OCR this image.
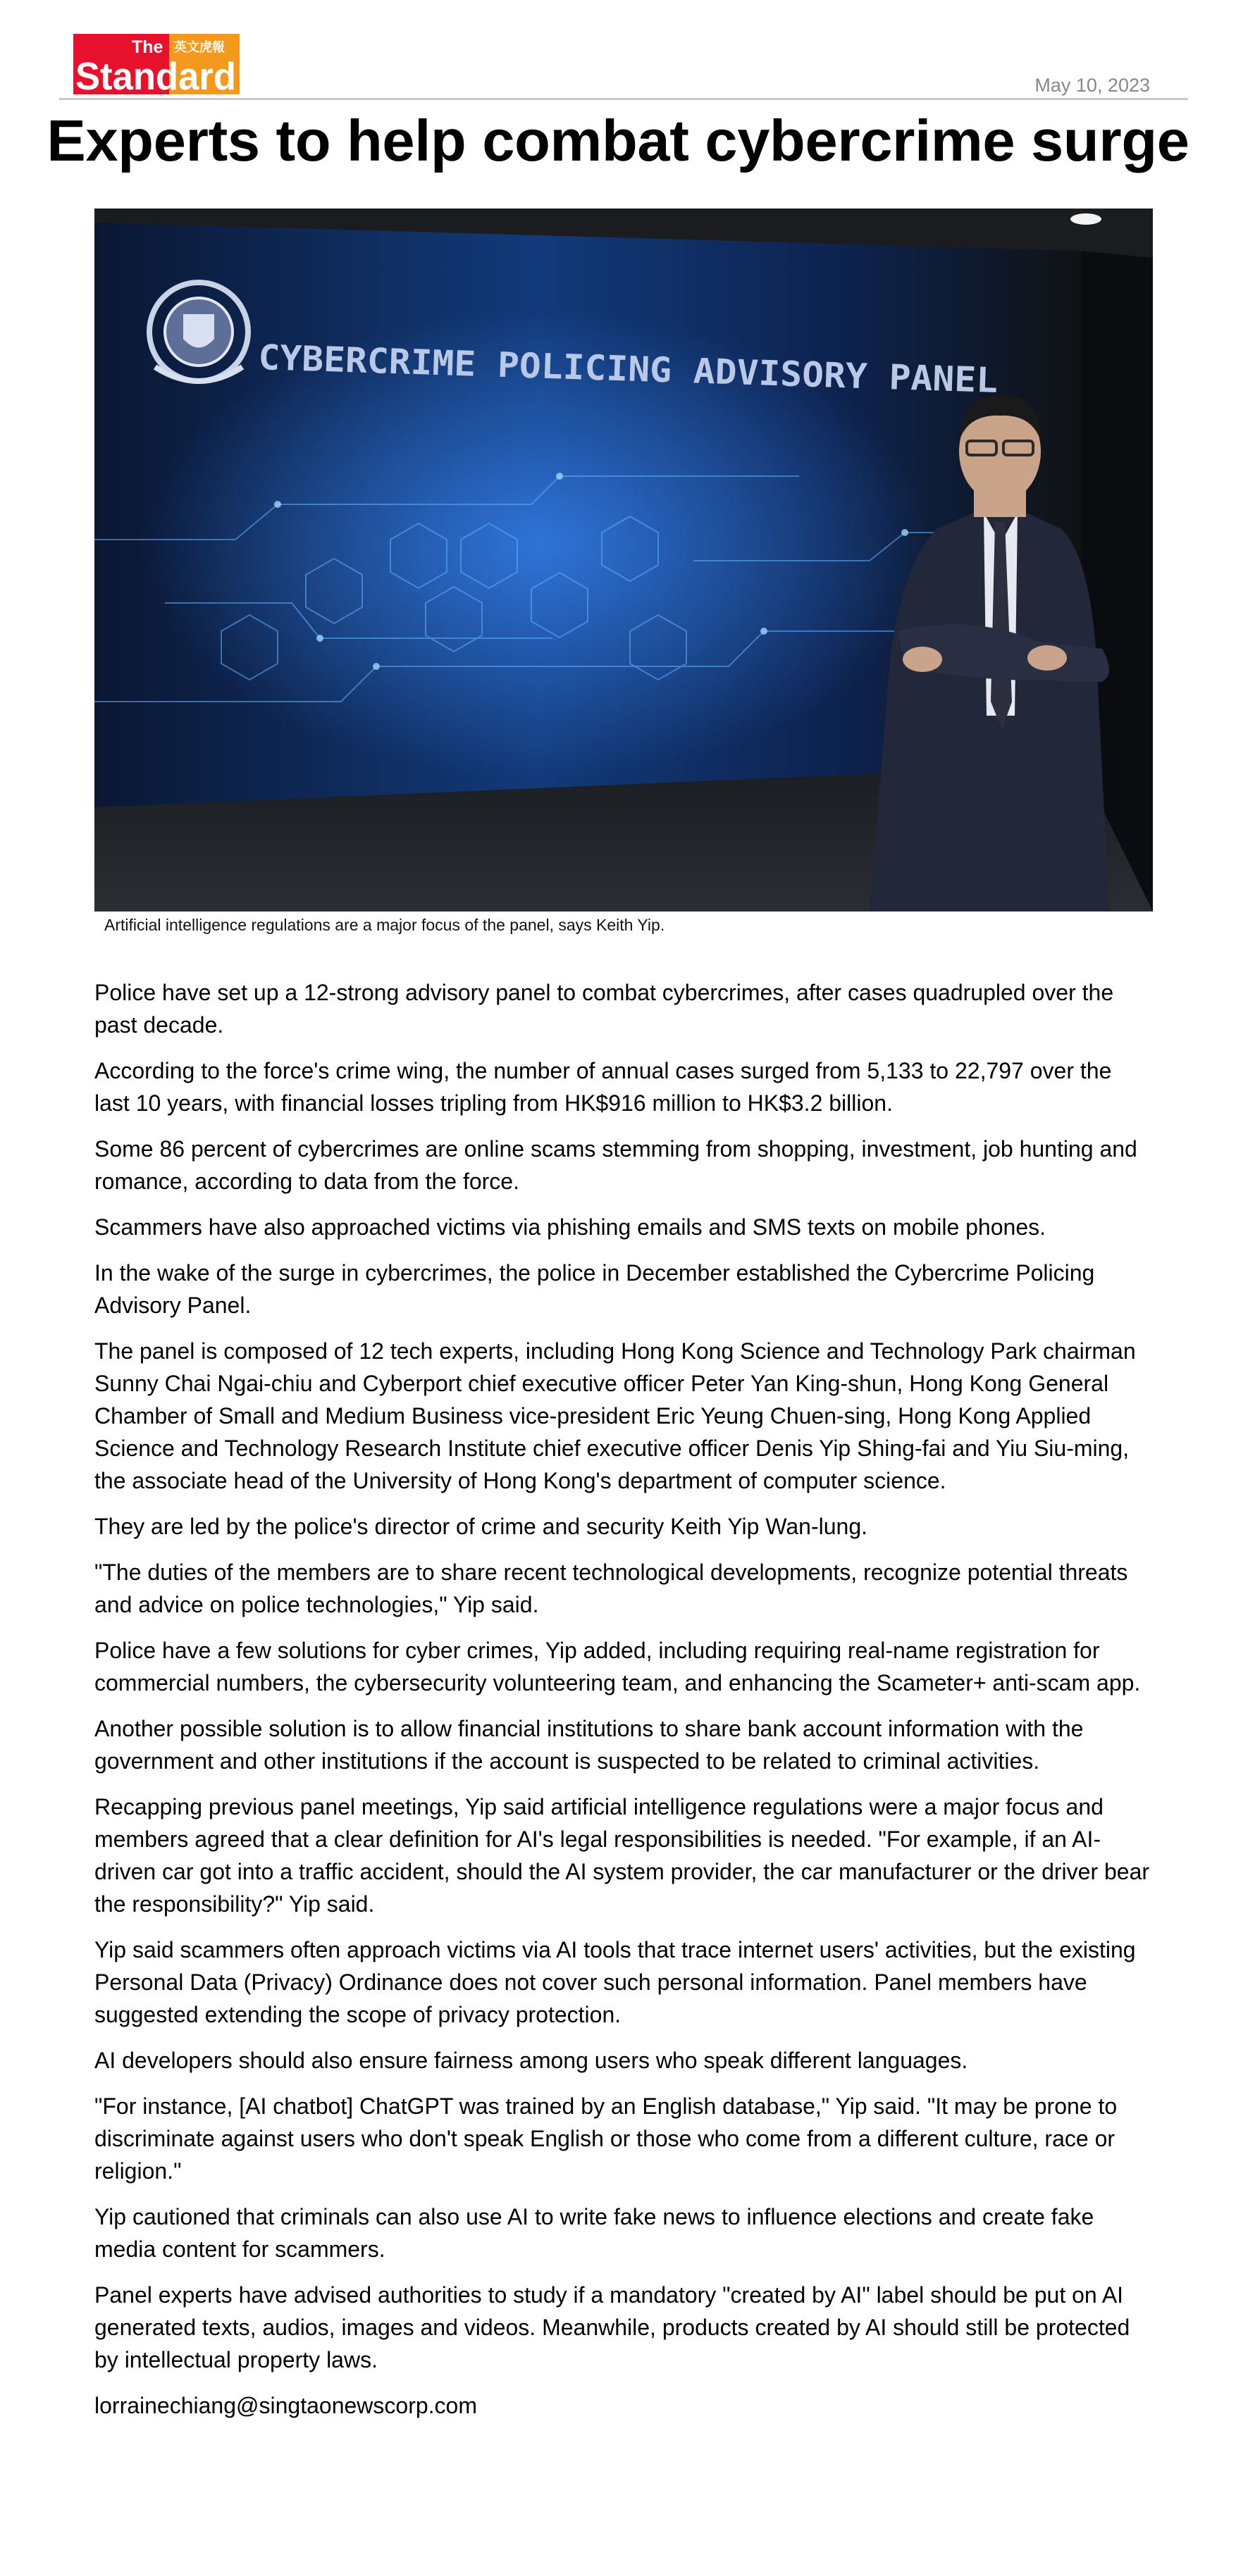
The 英文虎報
Standard	May 10, 2023
Experts to help combat cybercrime surge
CYBERCRIME POLICING ADVISORY PANEL
Artificial intelligence regulations are a major focus of the panel, says Keith Yip.

Police have set up a 12-strong advisory panel to combat cybercrimes, after cases quadrupled over the past decade.

According to the force's crime wing, the number of annual cases surged from 5,133 to 22,797 over the last 10 years, with financial losses tripling from HK$916 million to HK$3.2 billion.

Some 86 percent of cybercrimes are online scams stemming from shopping, investment, job hunting and romance, according to data from the force.

Scammers have also approached victims via phishing emails and SMS texts on mobile phones.

In the wake of the surge in cybercrimes, the police in December established the Cybercrime Policing Advisory Panel.

The panel is composed of 12 tech experts, including Hong Kong Science and Technology Park chairman Sunny Chai Ngai-chiu and Cyberport chief executive officer Peter Yan King-shun, Hong Kong General Chamber of Small and Medium Business vice-president Eric Yeung Chuen-sing, Hong Kong Applied Science and Technology Research Institute chief executive officer Denis Yip Shing-fai and Yiu Siu-ming, the associate head of the University of Hong Kong's department of computer science.

They are led by the police's director of crime and security Keith Yip Wan-lung.

"The duties of the members are to share recent technological developments, recognize potential threats and advice on police technologies," Yip said.

Police have a few solutions for cyber crimes, Yip added, including requiring real-name registration for commercial numbers, the cybersecurity volunteering team, and enhancing the Scameter+ anti-scam app.

Another possible solution is to allow financial institutions to share bank account information with the government and other institutions if the account is suspected to be related to criminal activities.

Recapping previous panel meetings, Yip said artificial intelligence regulations were a major focus and members agreed that a clear definition for AI's legal responsibilities is needed. "For example, if an AI-driven car got into a traffic accident, should the AI system provider, the car manufacturer or the driver bear the responsibility?" Yip said.

Yip said scammers often approach victims via AI tools that trace internet users' activities, but the existing Personal Data (Privacy) Ordinance does not cover such personal information. Panel members have suggested extending the scope of privacy protection.

AI developers should also ensure fairness among users who speak different languages.

"For instance, [AI chatbot] ChatGPT was trained by an English database," Yip said. "It may be prone to discriminate against users who don't speak English or those who come from a different culture, race or religion."

Yip cautioned that criminals can also use AI to write fake news to influence elections and create fake media content for scammers.

Panel experts have advised authorities to study if a mandatory "created by AI" label should be put on AI generated texts, audios, images and videos. Meanwhile, products created by AI should still be protected by intellectual property laws.

lorrainechiang@singtaonewscorp.com
